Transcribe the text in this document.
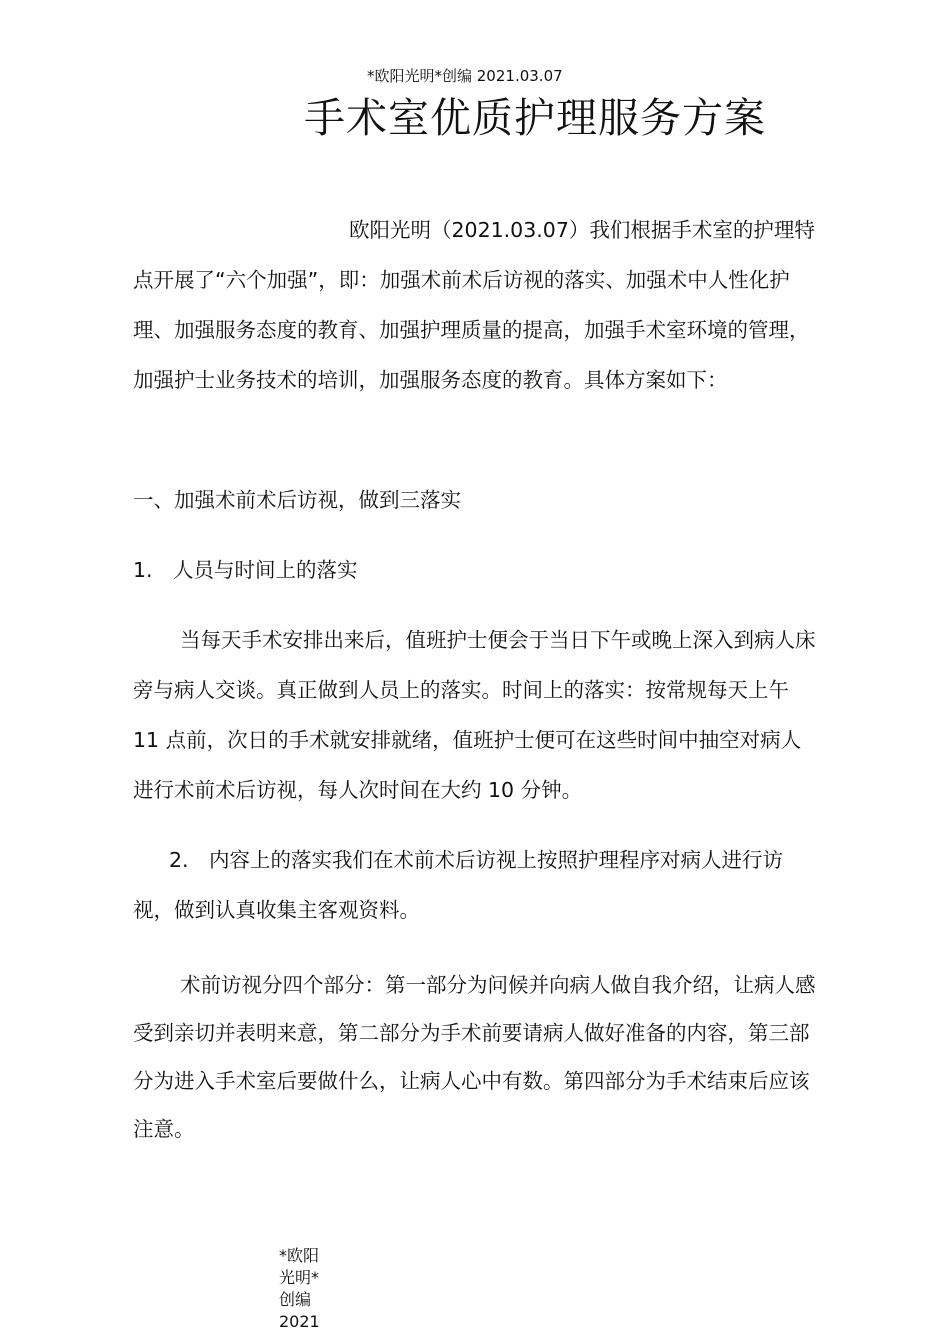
*欧阳光明*创编 2021.03.07
手术室优质护理服务方案

欧阳光明（2021.03.07）我们根据手术室的护理特点开展了“六个加强”，即：加强术前术后访视的落实、加强术中人性化护理、加强服务态度的教育、加强护理质量的提高，加强手术室环境的管理，加强护士业务技术的培训，加强服务态度的教育。具体方案如下：

一、加强术前术后访视，做到三落实

1.　人员与时间上的落实

当每天手术安排出来后，值班护士便会于当日下午或晚上深入到病人床旁与病人交谈。真正做到人员上的落实。时间上的落实：按常规每天上午 11 点前，次日的手术就安排就绪，值班护士便可在这些时间中抽空对病人进行术前术后访视，每人次时间在大约 10 分钟。

2.　内容上的落实我们在术前术后访视上按照护理程序对病人进行访视，做到认真收集主客观资料。

术前访视分四个部分：第一部分为问候并向病人做自我介绍，让病人感受到亲切并表明来意，第二部分为手术前要请病人做好准备的内容，第三部分为进入手术室后要做什么，让病人心中有数。第四部分为手术结束后应该注意。

*欧阳光明*创编 2021
